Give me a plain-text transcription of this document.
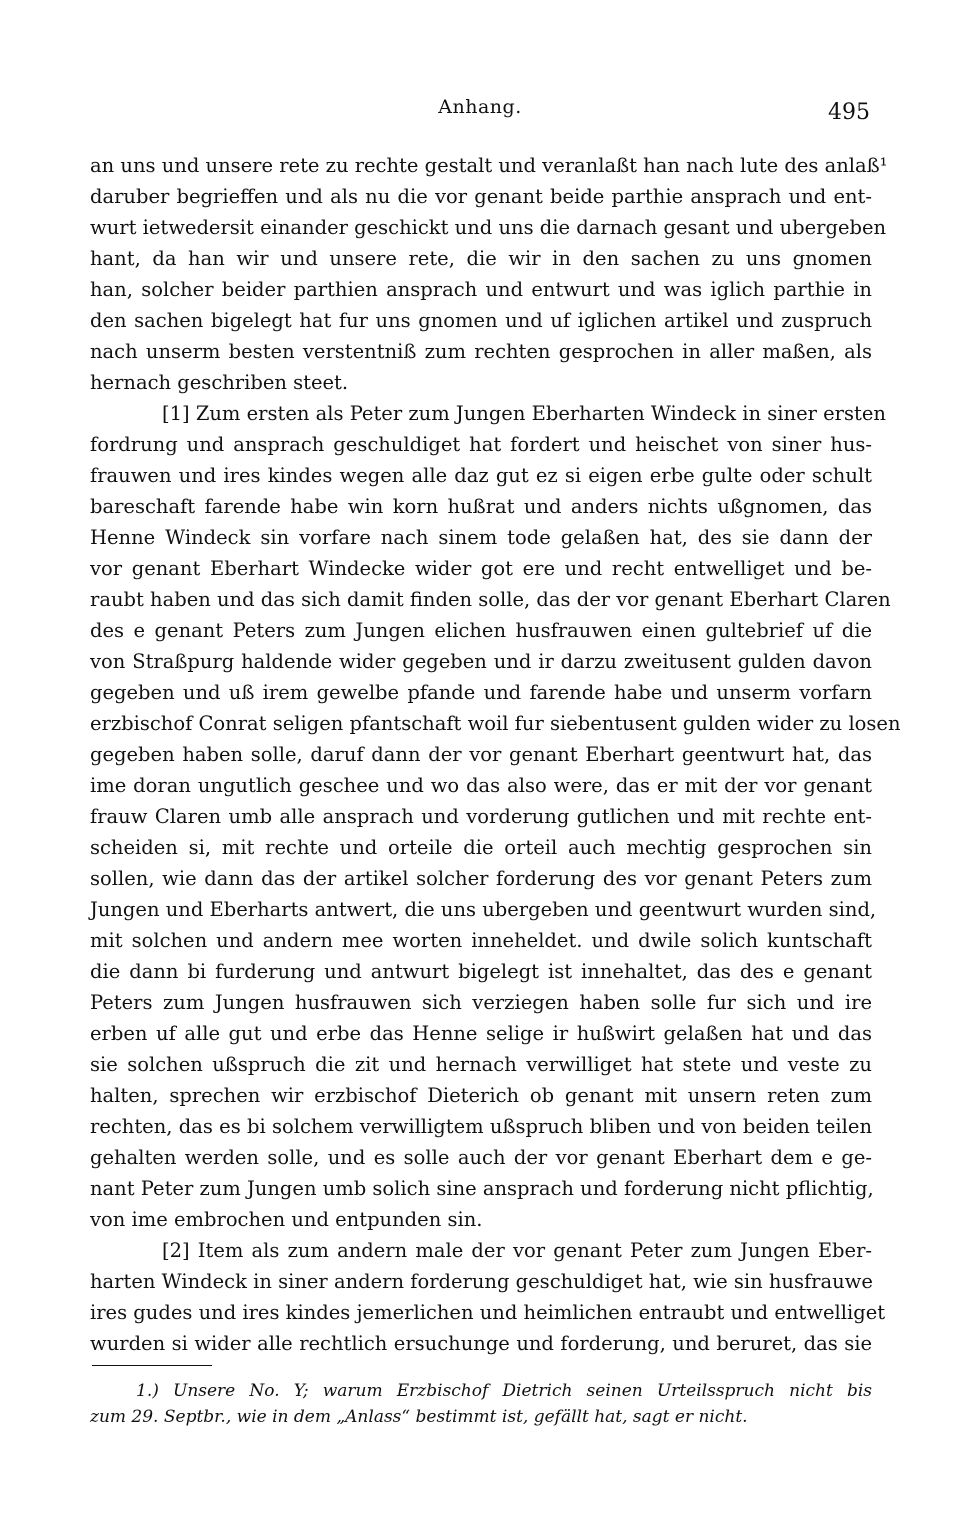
Anhang.	495
an uns und unsere rete zu rechte gestalt und veranlaßt han nach lute des anlaß¹
daruber begrieffen und als nu die vor genant beide parthie ansprach und ent-
wurt ietwedersit einander geschickt und uns die darnach gesant und ubergeben
hant, da han wir und unsere rete, die wir in den sachen zu uns gnomen
han, solcher beider parthien ansprach und entwurt und was iglich parthie in
den sachen bigelegt hat fur uns gnomen und uf iglichen artikel und zuspruch
nach unserm besten verstentniß zum rechten gesprochen in aller maßen, als
hernach geschriben steet.
[1] Zum ersten als Peter zum Jungen Eberharten Windeck in siner ersten
fordrung und ansprach geschuldiget hat fordert und heischet von siner hus-
frauwen und ires kindes wegen alle daz gut ez si eigen erbe gulte oder schult
bareschaft farende habe win korn hußrat und anders nichts ußgnomen, das
Henne Windeck sin vorfare nach sinem tode gelaßen hat, des sie dann der
vor genant Eberhart Windecke wider got ere und recht entwelliget und be-
raubt haben und das sich damit finden solle, das der vor genant Eberhart Claren
des e genant Peters zum Jungen elichen husfrauwen einen gultebrief uf die
von Straßpurg haldende wider gegeben und ir darzu zweitusent gulden davon
gegeben und uß irem gewelbe pfande und farende habe und unserm vorfarn
erzbischof Conrat seligen pfantschaft woil fur siebentusent gulden wider zu losen
gegeben haben solle, daruf dann der vor genant Eberhart geentwurt hat, das
ime doran ungutlich geschee und wo das also were, das er mit der vor genant
frauw Claren umb alle ansprach und vorderung gutlichen und mit rechte ent-
scheiden si, mit rechte und orteile die orteil auch mechtig gesprochen sin
sollen, wie dann das der artikel solcher forderung des vor genant Peters zum
Jungen und Eberharts antwert, die uns ubergeben und geentwurt wurden sind,
mit solchen und andern mee worten inneheldet. und dwile solich kuntschaft
die dann bi furderung und antwurt bigelegt ist innehaltet, das des e genant
Peters zum Jungen husfrauwen sich verziegen haben solle fur sich und ire
erben uf alle gut und erbe das Henne selige ir hußwirt gelaßen hat und das
sie solchen ußspruch die zit und hernach verwilliget hat stete und veste zu
halten, sprechen wir erzbischof Dieterich ob genant mit unsern reten zum
rechten, das es bi solchem verwilligtem ußspruch bliben und von beiden teilen
gehalten werden solle, und es solle auch der vor genant Eberhart dem e ge-
nant Peter zum Jungen umb solich sine ansprach und forderung nicht pflichtig,
von ime embrochen und entpunden sin.
[2] Item als zum andern male der vor genant Peter zum Jungen Eber-
harten Windeck in siner andern forderung geschuldiget hat, wie sin husfrauwe
ires gudes und ires kindes jemerlichen und heimlichen entraubt und entwelliget
wurden si wider alle rechtlich ersuchunge und forderung, und beruret, das sie
1.) Unsere No. Y; warum Erzbischof Dietrich seinen Urteilsspruch nicht bis
zum 29. Septbr., wie in dem „Anlass“ bestimmt ist, gefällt hat, sagt er nicht.
